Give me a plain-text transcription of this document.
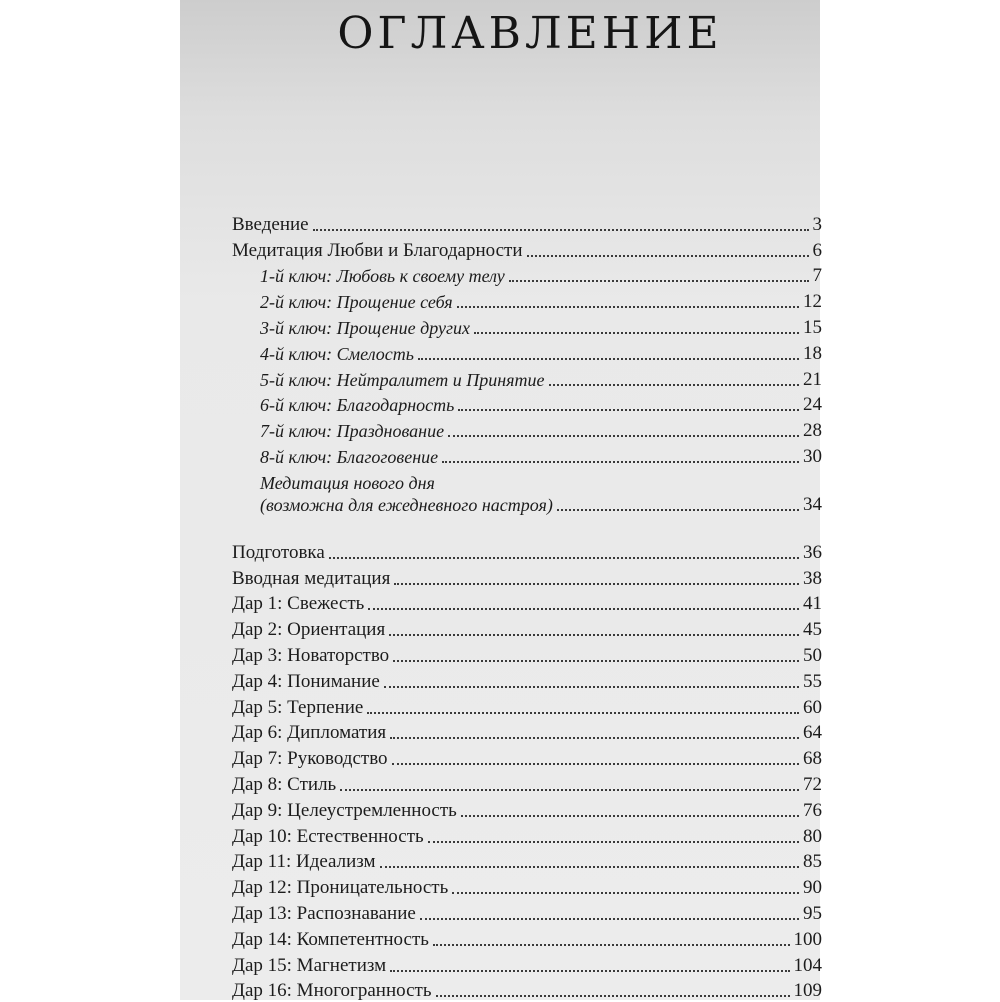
ОГЛАВЛЕНИЕ
Введение	3
Медитация Любви и Благодарности	6
1-й ключ: Любовь к своему телу	7
2-й ключ: Прощение себя	12
3-й ключ: Прощение других	15
4-й ключ: Смелость	18
5-й ключ: Нейтралитет и Принятие	21
6-й ключ: Благодарность	24
7-й ключ: Празднование	28
8-й ключ: Благоговение	30
Медитация нового дня
(возможна для ежедневного настроя)	34
Подготовка	36
Вводная медитация	38
Дар 1: Свежесть	41
Дар 2: Ориентация	45
Дар 3: Новаторство	50
Дар 4: Понимание	55
Дар 5: Терпение	60
Дар 6: Дипломатия	64
Дар 7: Руководство	68
Дар 8: Стиль	72
Дар 9: Целеустремленность	76
Дар 10: Естественность	80
Дар 11: Идеализм	85
Дар 12: Проницательность	90
Дар 13: Распознавание	95
Дар 14: Компетентность	100
Дар 15: Магнетизм	104
Дар 16: Многогранность	109
